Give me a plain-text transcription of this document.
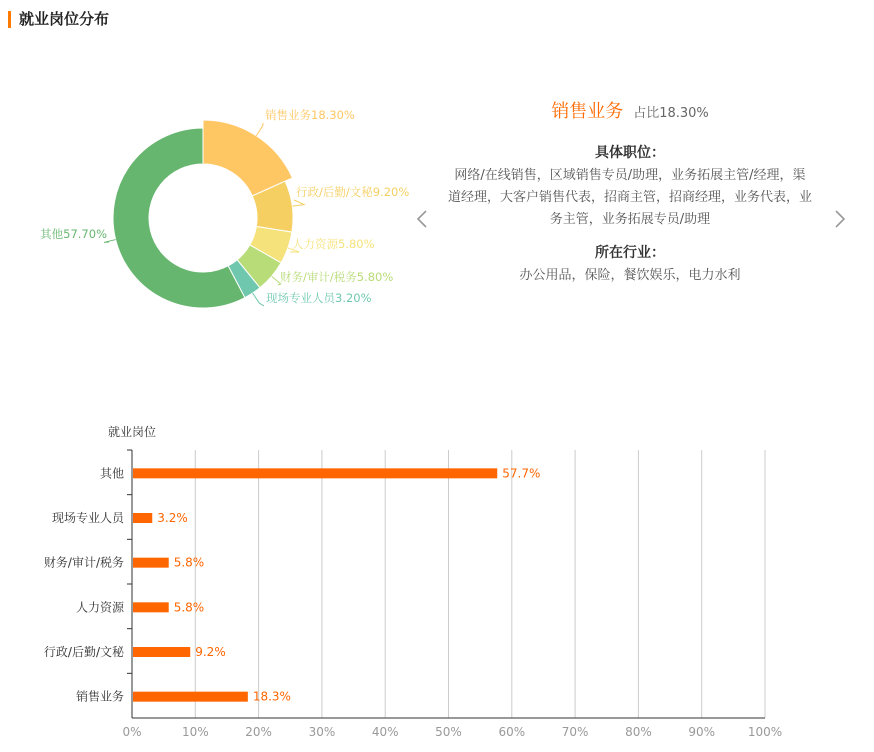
就业岗位分布
销售业务18.30%
行政/后勤/文秘9.20%
人力资源5.80%
财务/审计/税务5.80%
现场专业人员3.20%
其他57.70%
销售业务 占比18.30%
具体职位：
网络/在线销售，区域销售专员/助理，业务拓展主管/经理，渠道经理，大客户销售代表，招商主管，招商经理，业务代表，业务主管，业务拓展专员/助理
所在行业：
办公用品，保险，餐饮娱乐，电力水利
0%	10%	20%	30%	40%	50%	60%	70%	80%	90%	100%
就业岗位
其他	57.7%
现场专业人员	3.2%
财务/审计/税务	5.8%
人力资源	5.8%
行政/后勤/文秘	9.2%
销售业务	18.3%
